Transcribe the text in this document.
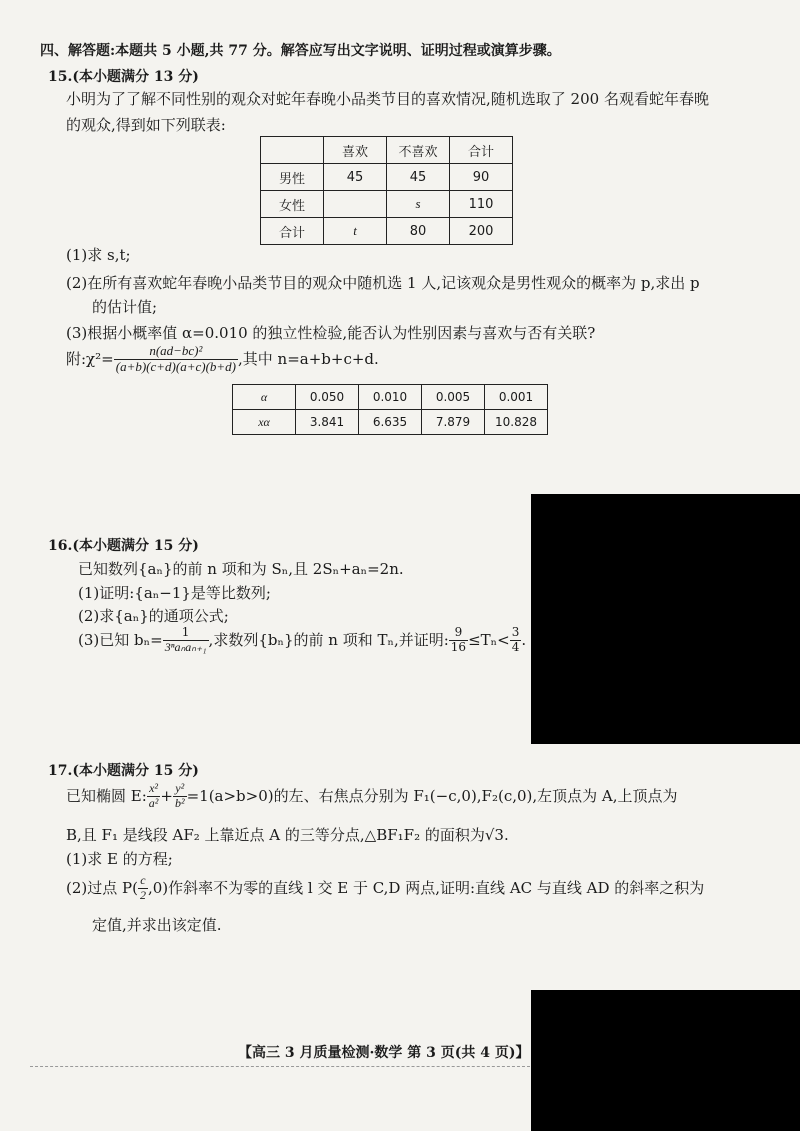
四、解答题:本题共 5 小题,共 77 分。解答应写出文字说明、证明过程或演算步骤。
15.(本小题满分 13 分)
小明为了了解不同性别的观众对蛇年春晚小品类节目的喜欢情况,随机选取了 200 名观看蛇年春晚
的观众,得到如下列联表:
	喜欢	不喜欢	合计
男性	45	45	90
女性		s	110
合计	t	80	200
(1)求 s,t;
(2)在所有喜欢蛇年春晚小品类节目的观众中随机选 1 人,记该观众是男性观众的概率为 p,求出 p
的估计值;
(3)根据小概率值 α=0.010 的独立性检验,能否认为性别因素与喜欢与否有关联?
附:χ²= $\frac{\text{n(ad−bc)²}}{(a+b)(c+d)(a+c)(b+d)}$ ,其中 n=a+b+c+d.
α	0.050	0.010	0.005	0.001
xα	3.841	6.635	7.879	10.828
16.(本小题满分 15 分)
已知数列{aₙ}的前 n 项和为 Sₙ,且 2Sₙ+aₙ=2n.
(1)证明:{aₙ−1}是等比数列;
(2)求{aₙ}的通项公式;
(3)已知 $b_n= \frac{1}{\text{3ⁿaₙaₙ₊₁}}$ ,求数列{bₙ}的前 n 项和 Tₙ,并证明: $\frac{9}{16} \le T_n< \frac{3}{4}$ .
17.(本小题满分 15 分)
已知椭圆 E: $\frac{\text{x²}}{\text{a²}} + \frac{\text{y²}}{\text{b²}} =1(a>b>0)$的左、右焦点分别为 F₁(−c,0),F₂(c,0),左顶点为 A,上顶点为
B,且 F₁ 是线段 AF₂ 上靠近点 A 的三等分点,△BF₁F₂ 的面积为√3.
(1)求 E 的方程;
(2)过点 $P( \frac{c}{2} ,0)$作斜率不为零的直线 l 交 E 于 C,D 两点,证明:直线 AC 与直线 AD 的斜率之积为
定值,并求出该定值.
【高三 3 月质量检测·数学 第 3 页(共 4 页)】
